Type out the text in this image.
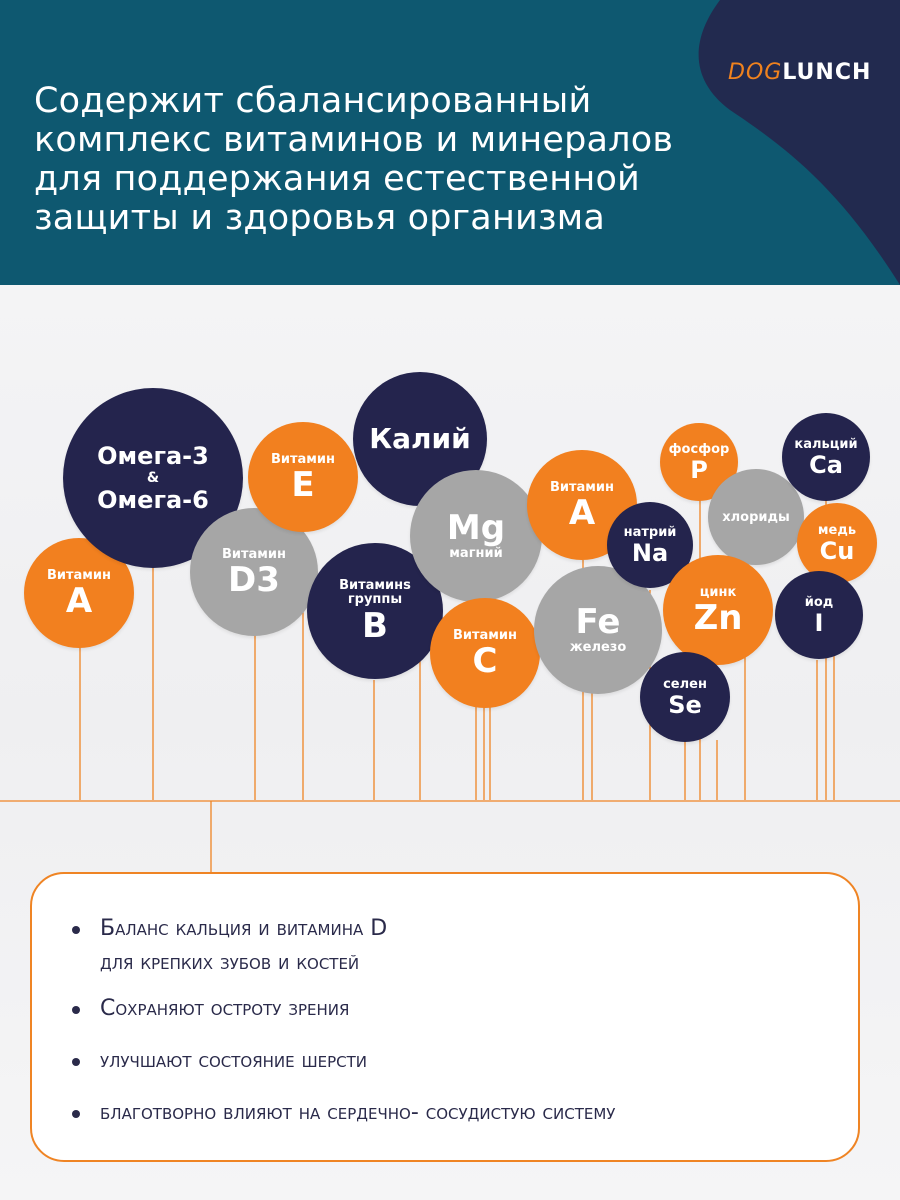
DOGLUNCH
Содержит сбалансированный
комплекс витаминов и минералов
для поддержания естественной
защиты и здоровья организма
Витамин
A
Омега-3
&
Омега-6
Витамин
D3
Витамин
E
Калий
Витаминs группы
B
Mg
магний
Витамин
C
Витамин
A
Fe
железо
натрий
Na
фосфор
P
хлориды
цинк
Zn
селен
Se
кальций
Ca
медь
Cu
йод
I
Баланс кальция и витамина D
для крепких зубов и костей
Сохраняют остроту зрения
улучшают состояние шерсти
благотворно влияют на сердечно- сосудистую систему
